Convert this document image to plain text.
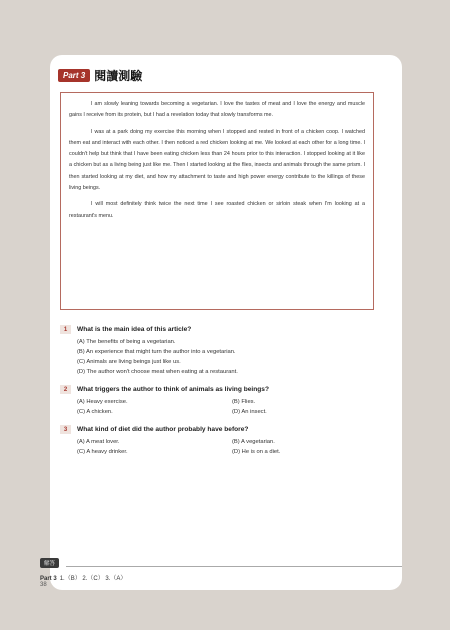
Part 3 閱讀測驗

I am slowly leaning towards becoming a vegetarian. I love the tastes of meat and I love the energy and muscle gains I receive from its protein, but I had a revelation today that slowly transforms me.

I was at a park doing my exercise this morning when I stopped and rested in front of a chicken coop. I watched them eat and interact with each other. I then noticed a red chicken looking at me. We looked at each other for a long time. I couldn't help but think that I have been eating chicken less than 24 hours prior to this interaction. I stopped looking at it like a chicken but as a living being just like me. Then I started looking at the flies, insects and animals through the same prism. I then started looking at my diet, and how my attachment to taste and high power energy contribute to the killings of these living beings.

I will most definitely think twice the next time I see roasted chicken or sirloin steak when I'm looking at a restaurant's menu.

1	What is the main idea of this article?
(A) The benefits of being a vegetarian.
(B) An experience that might turn the author into a vegetarian.
(C) Animals are living beings just like us.
(D) The author won't choose meat when eating at a restaurant.
2	What triggers the author to think of animals as living beings?
(A) Heavy exercise.	(B) Flies.
(C) A chicken.	(D) An insect.
3	What kind of diet did the author probably have before?
(A) A meat lover.	(B) A vegetarian.
(C) A heavy drinker.	(D) He is on a diet.
解答
Part 3 1.（B） 2.（C） 3.（A）
38
